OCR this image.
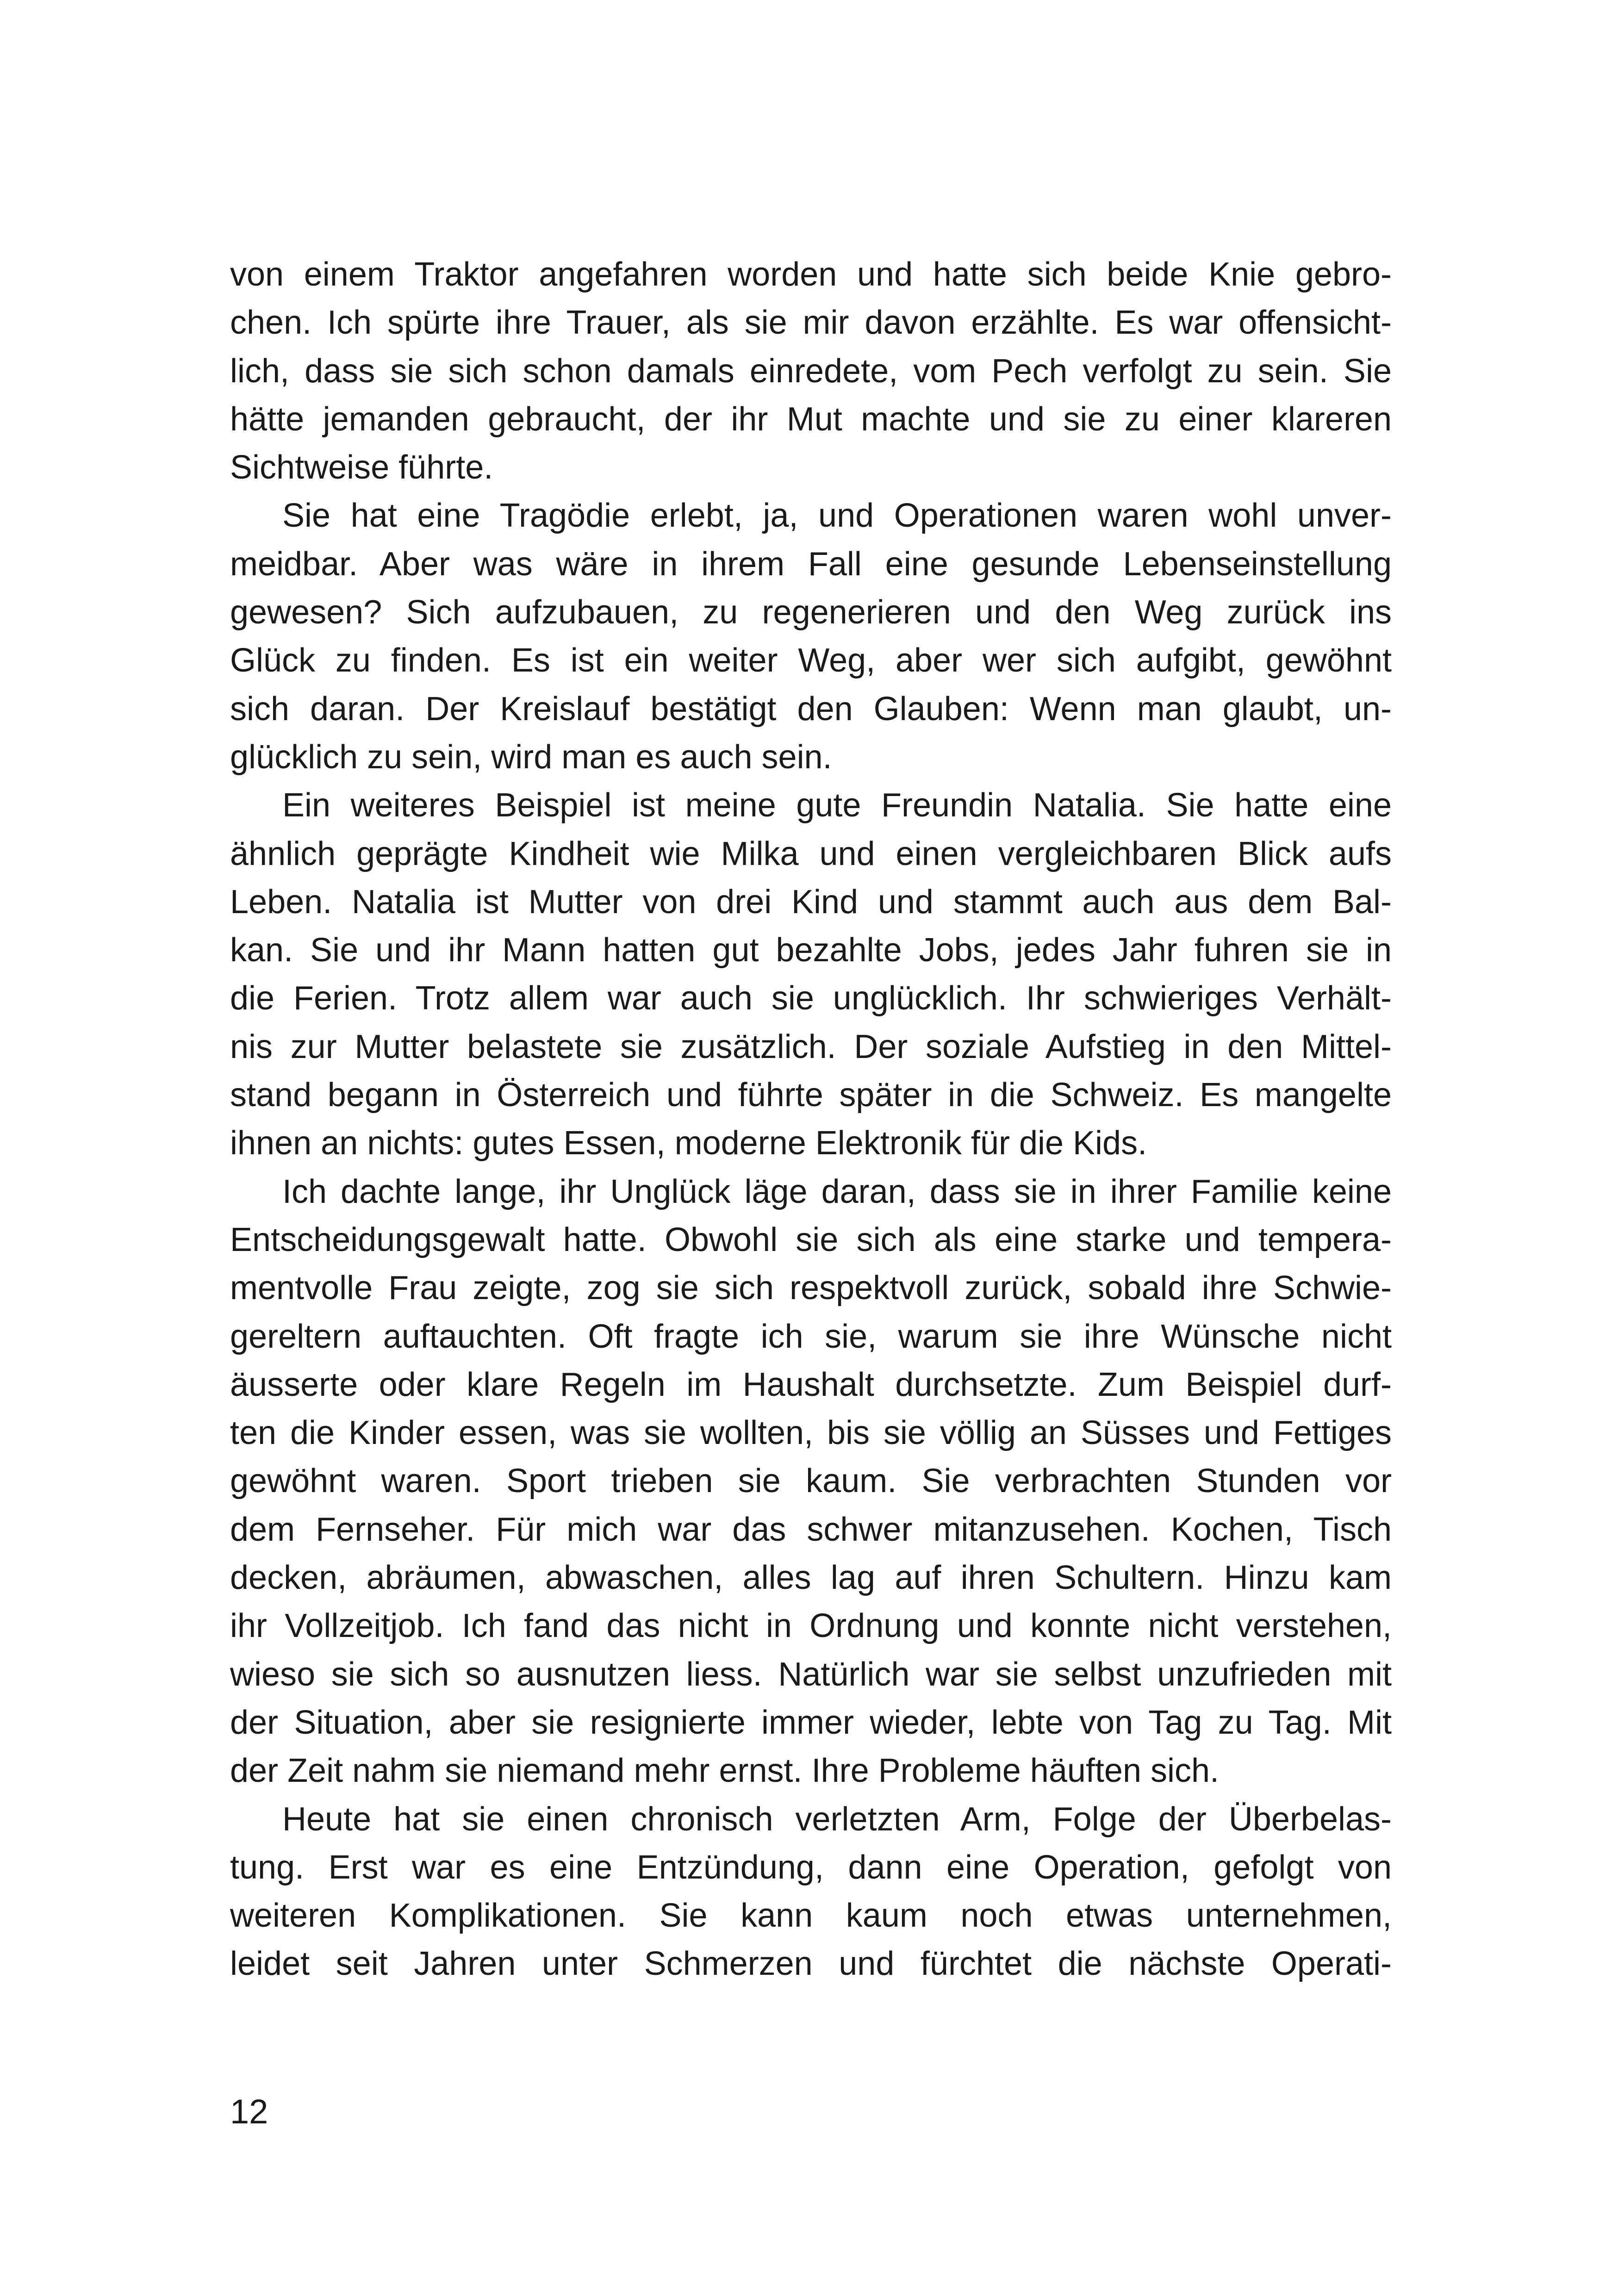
von einem Traktor angefahren worden und hatte sich beide Knie gebro-
chen. Ich spürte ihre Trauer, als sie mir davon erzählte. Es war offensicht-
lich, dass sie sich schon damals einredete, vom Pech verfolgt zu sein. Sie
hätte jemanden gebraucht, der ihr Mut machte und sie zu einer klareren
Sichtweise führte.
Sie hat eine Tragödie erlebt, ja, und Operationen waren wohl unver-
meidbar. Aber was wäre in ihrem Fall eine gesunde Lebenseinstellung
gewesen? Sich aufzubauen, zu regenerieren und den Weg zurück ins
Glück zu finden. Es ist ein weiter Weg, aber wer sich aufgibt, gewöhnt
sich daran. Der Kreislauf bestätigt den Glauben: Wenn man glaubt, un-
glücklich zu sein, wird man es auch sein.
Ein weiteres Beispiel ist meine gute Freundin Natalia. Sie hatte eine
ähnlich geprägte Kindheit wie Milka und einen vergleichbaren Blick aufs
Leben. Natalia ist Mutter von drei Kind und stammt auch aus dem Bal-
kan. Sie und ihr Mann hatten gut bezahlte Jobs, jedes Jahr fuhren sie in
die Ferien. Trotz allem war auch sie unglücklich. Ihr schwieriges Verhält-
nis zur Mutter belastete sie zusätzlich. Der soziale Aufstieg in den Mittel-
stand begann in Österreich und führte später in die Schweiz. Es mangelte
ihnen an nichts: gutes Essen, moderne Elektronik für die Kids.
Ich dachte lange, ihr Unglück läge daran, dass sie in ihrer Familie keine
Entscheidungsgewalt hatte. Obwohl sie sich als eine starke und tempera-
mentvolle Frau zeigte, zog sie sich respektvoll zurück, sobald ihre Schwie-
gereltern auftauchten. Oft fragte ich sie, warum sie ihre Wünsche nicht
äusserte oder klare Regeln im Haushalt durchsetzte. Zum Beispiel durf-
ten die Kinder essen, was sie wollten, bis sie völlig an Süsses und Fettiges
gewöhnt waren. Sport trieben sie kaum. Sie verbrachten Stunden vor
dem Fernseher. Für mich war das schwer mitanzusehen. Kochen, Tisch
decken, abräumen, abwaschen, alles lag auf ihren Schultern. Hinzu kam
ihr Vollzeitjob. Ich fand das nicht in Ordnung und konnte nicht verstehen,
wieso sie sich so ausnutzen liess. Natürlich war sie selbst unzufrieden mit
der Situation, aber sie resignierte immer wieder, lebte von Tag zu Tag. Mit
der Zeit nahm sie niemand mehr ernst. Ihre Probleme häuften sich.
Heute hat sie einen chronisch verletzten Arm, Folge der Überbelas-
tung. Erst war es eine Entzündung, dann eine Operation, gefolgt von
weiteren Komplikationen. Sie kann kaum noch etwas unternehmen,
leidet seit Jahren unter Schmerzen und fürchtet die nächste Operati-
12
